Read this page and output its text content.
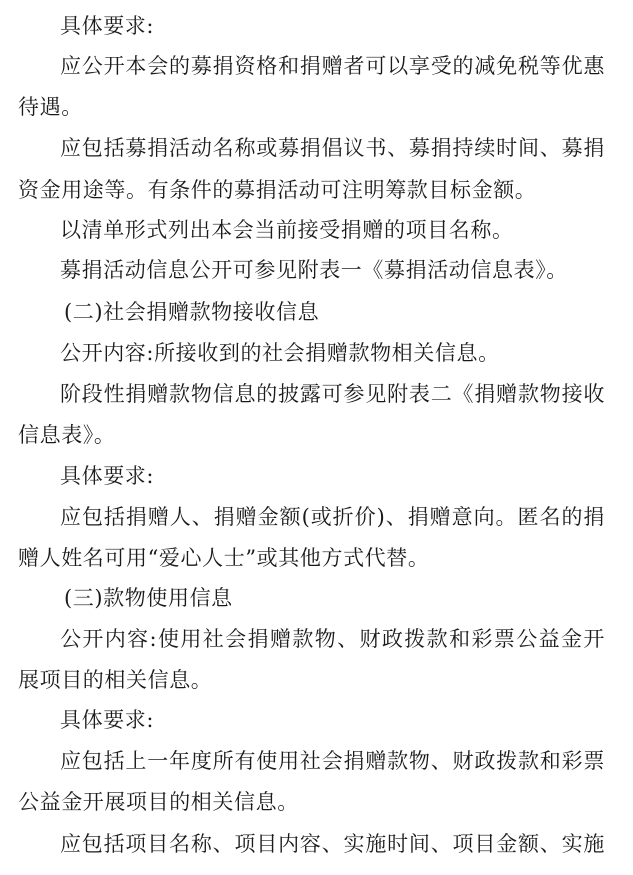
具体要求:
应公开本会的募捐资格和捐赠者可以享受的减免税等优惠
待遇。
应包括募捐活动名称或募捐倡议书、募捐持续时间、募捐
资金用途等。有条件的募捐活动可注明筹款目标金额。
以清单形式列出本会当前接受捐赠的项目名称。
募捐活动信息公开可参见附表一《募捐活动信息表》。
(二)社会捐赠款物接收信息
公开内容:所接收到的社会捐赠款物相关信息。
阶段性捐赠款物信息的披露可参见附表二《捐赠款物接收
信息表》。
具体要求:
应包括捐赠人、捐赠金额(或折价)、捐赠意向。匿名的捐
赠人姓名可用“爱心人士”或其他方式代替。
(三)款物使用信息
公开内容:使用社会捐赠款物、财政拨款和彩票公益金开
展项目的相关信息。
具体要求:
应包括上一年度所有使用社会捐赠款物、财政拨款和彩票
公益金开展项目的相关信息。
应包括项目名称、项目内容、实施时间、项目金额、实施
